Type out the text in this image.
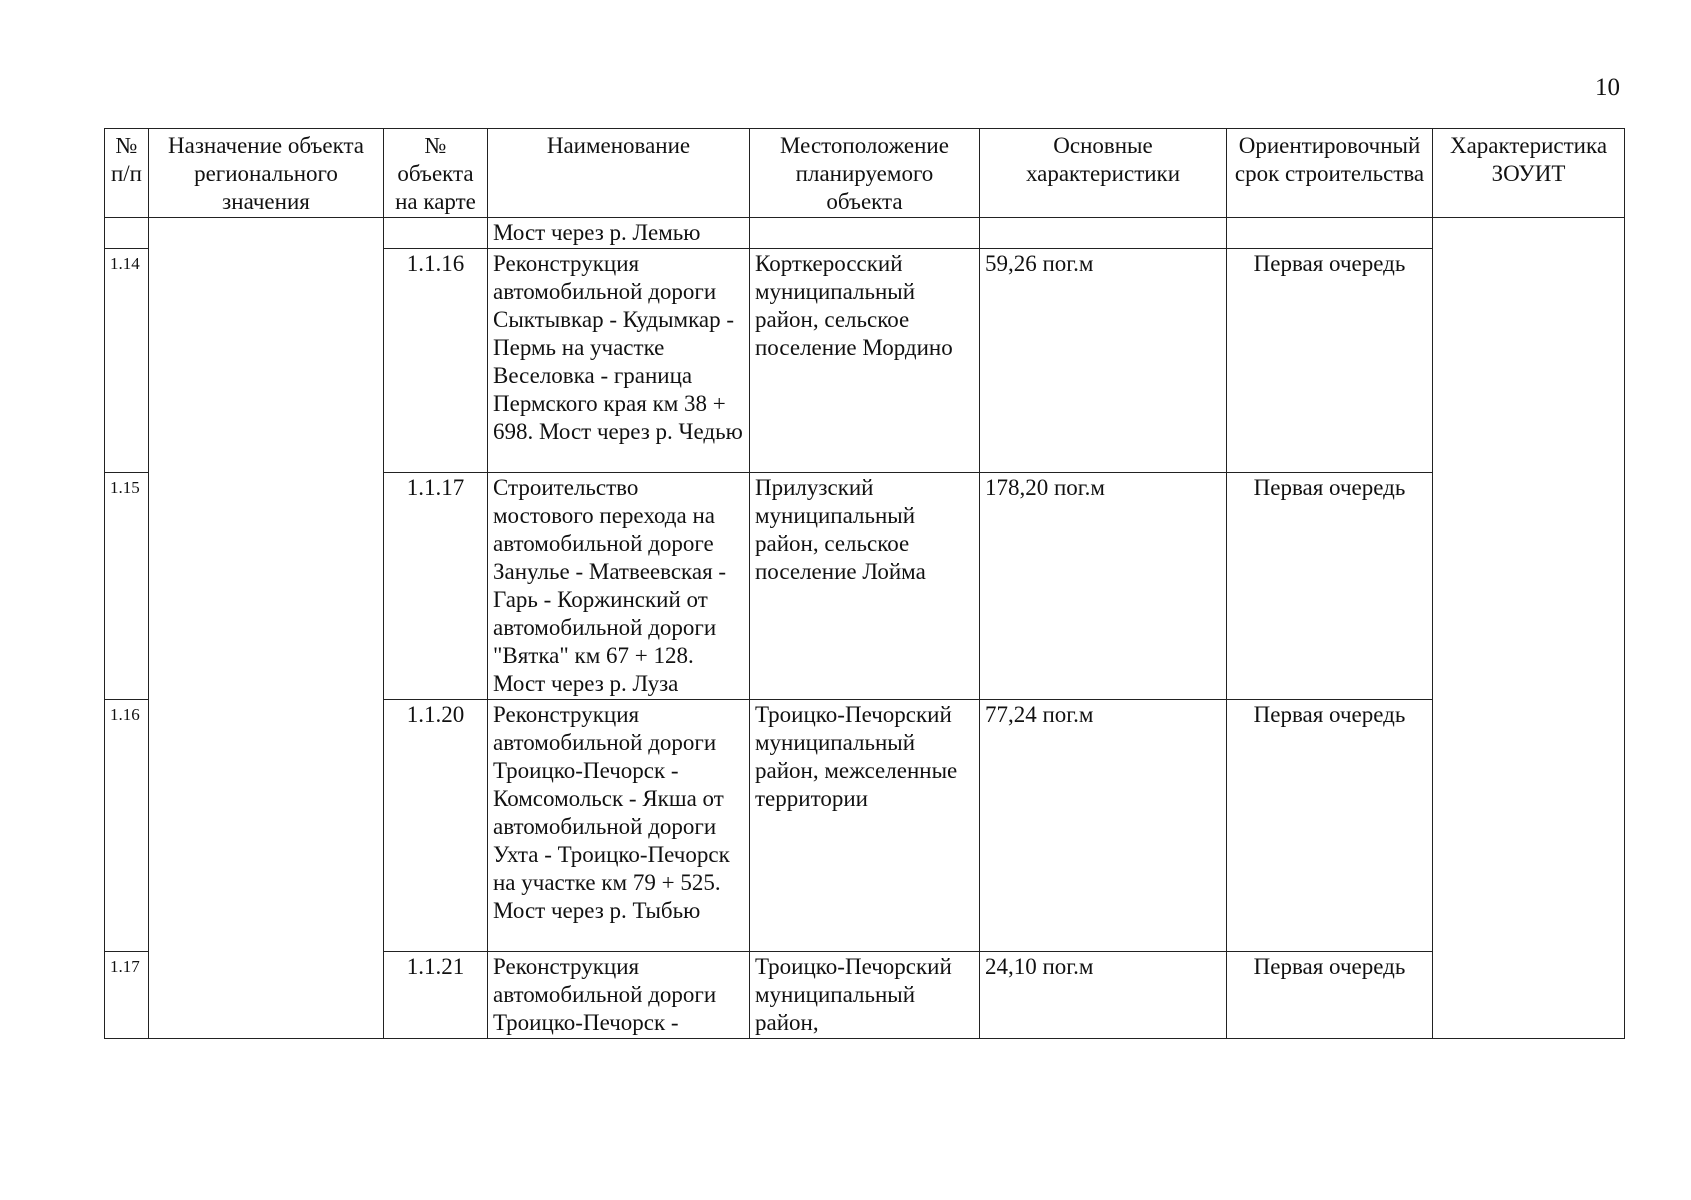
10
№ п/п	Назначение объекта регионального значения	№ объекта на карте	Наименование	Местоположение планируемого объекта	Основные характеристики	Ориентировочный срок строительства	Характеристика ЗОУИТ
			Мост через р. Лемью				
1.14		1.1.16	Реконструкция автомобильной дороги Сыктывкар - Кудымкар - Пермь на участке Веселовка - граница Пермского края км 38 + 698. Мост через р. Чедью	Корткеросский муниципальный район, сельское поселение Мордино	59,26 пог.м	Первая очередь	
1.15		1.1.17	Строительство мостового перехода на автомобильной дороге Занулье - Матвеевская - Гарь - Коржинский от автомобильной дороги "Вятка" км 67 + 128. Мост через р. Луза	Прилузский муниципальный район, сельское поселение Лойма	178,20 пог.м	Первая очередь	
1.16		1.1.20	Реконструкция автомобильной дороги Троицко-Печорск - Комсомольск - Якша от автомобильной дороги Ухта - Троицко-Печорск на участке км 79 + 525. Мост через р. Тыбью	Троицко-Печорский муниципальный район, межселенные территории	77,24 пог.м	Первая очередь	
1.17		1.1.21	Реконструкция автомобильной дороги Троицко-Печорск -	Троицко-Печорский муниципальный район,	24,10 пог.м	Первая очередь	
